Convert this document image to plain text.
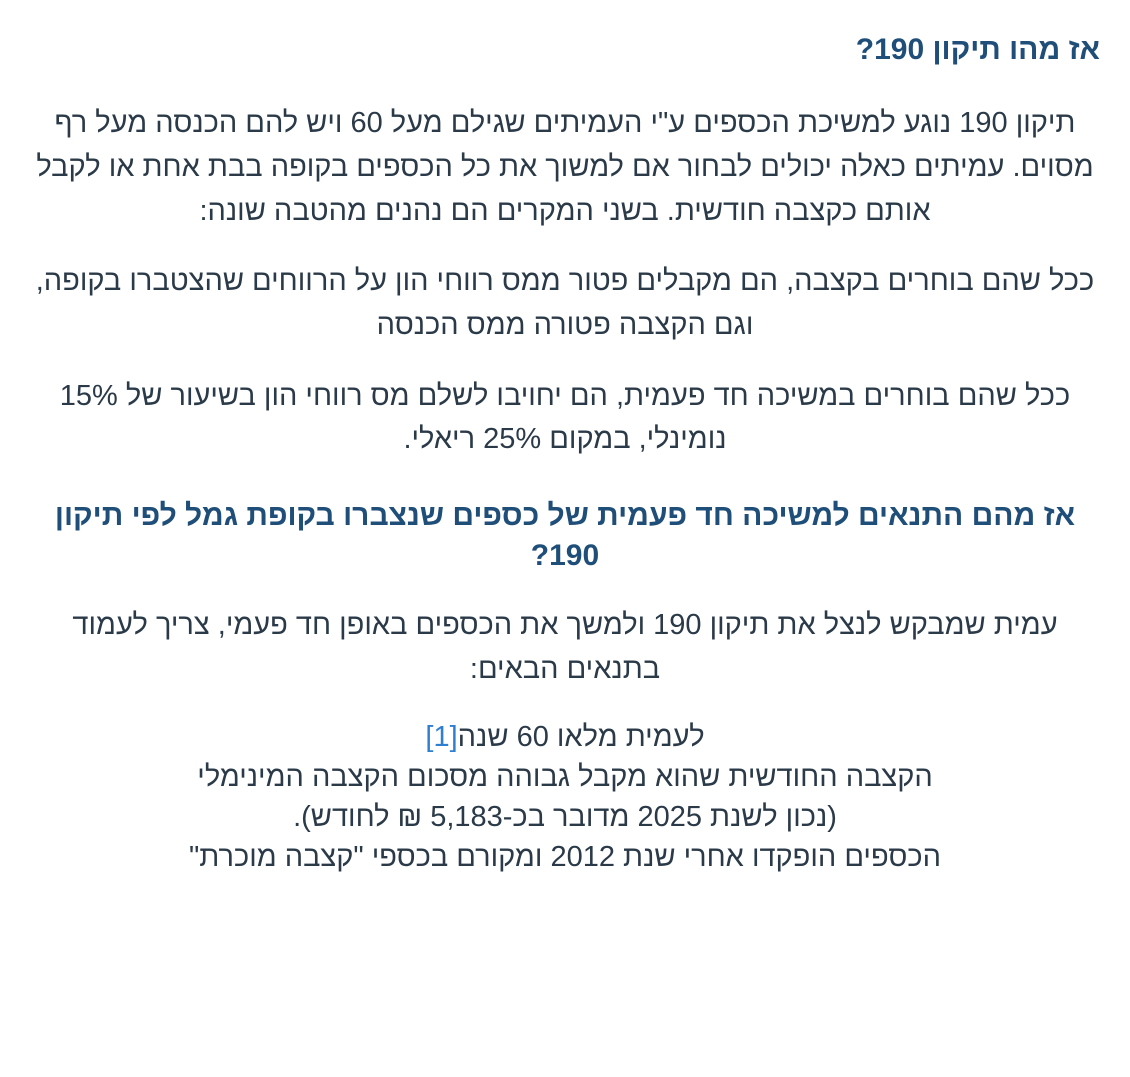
אז מהו תיקון 190?

תיקון 190 נוגע למשיכת הכספים ע"י העמיתים שגילם מעל 60 ויש להם הכנסה מעל רף מסוים. עמיתים כאלה יכולים לבחור אם למשוך את כל הכספים בקופה בבת אחת או לקבל אותם כקצבה חודשית. בשני המקרים הם נהנים מהטבה שונה:

ככל שהם בוחרים בקצבה, הם מקבלים פטור ממס רווחי הון על הרווחים שהצטברו בקופה, וגם הקצבה פטורה ממס הכנסה

ככל שהם בוחרים במשיכה חד פעמית, הם יחויבו לשלם מס רווחי הון בשיעור של 15% נומינלי, במקום 25% ריאלי.

אז מהם התנאים למשיכה חד פעמית של כספים שנצברו בקופת גמל לפי תיקון 190?

עמית שמבקש לנצל את תיקון 190 ולמשך את הכספים באופן חד פעמי, צריך לעמוד בתנאים הבאים:

לעמית מלאו 60 שנה[1]
הקצבה החודשית שהוא מקבל גבוהה מסכום הקצבה המינימלי
(נכון לשנת 2025 מדובר בכ-5,183 ₪ לחודש).
הכספים הופקדו אחרי שנת 2012 ומקורם בכספי "קצבה מוכרת"
